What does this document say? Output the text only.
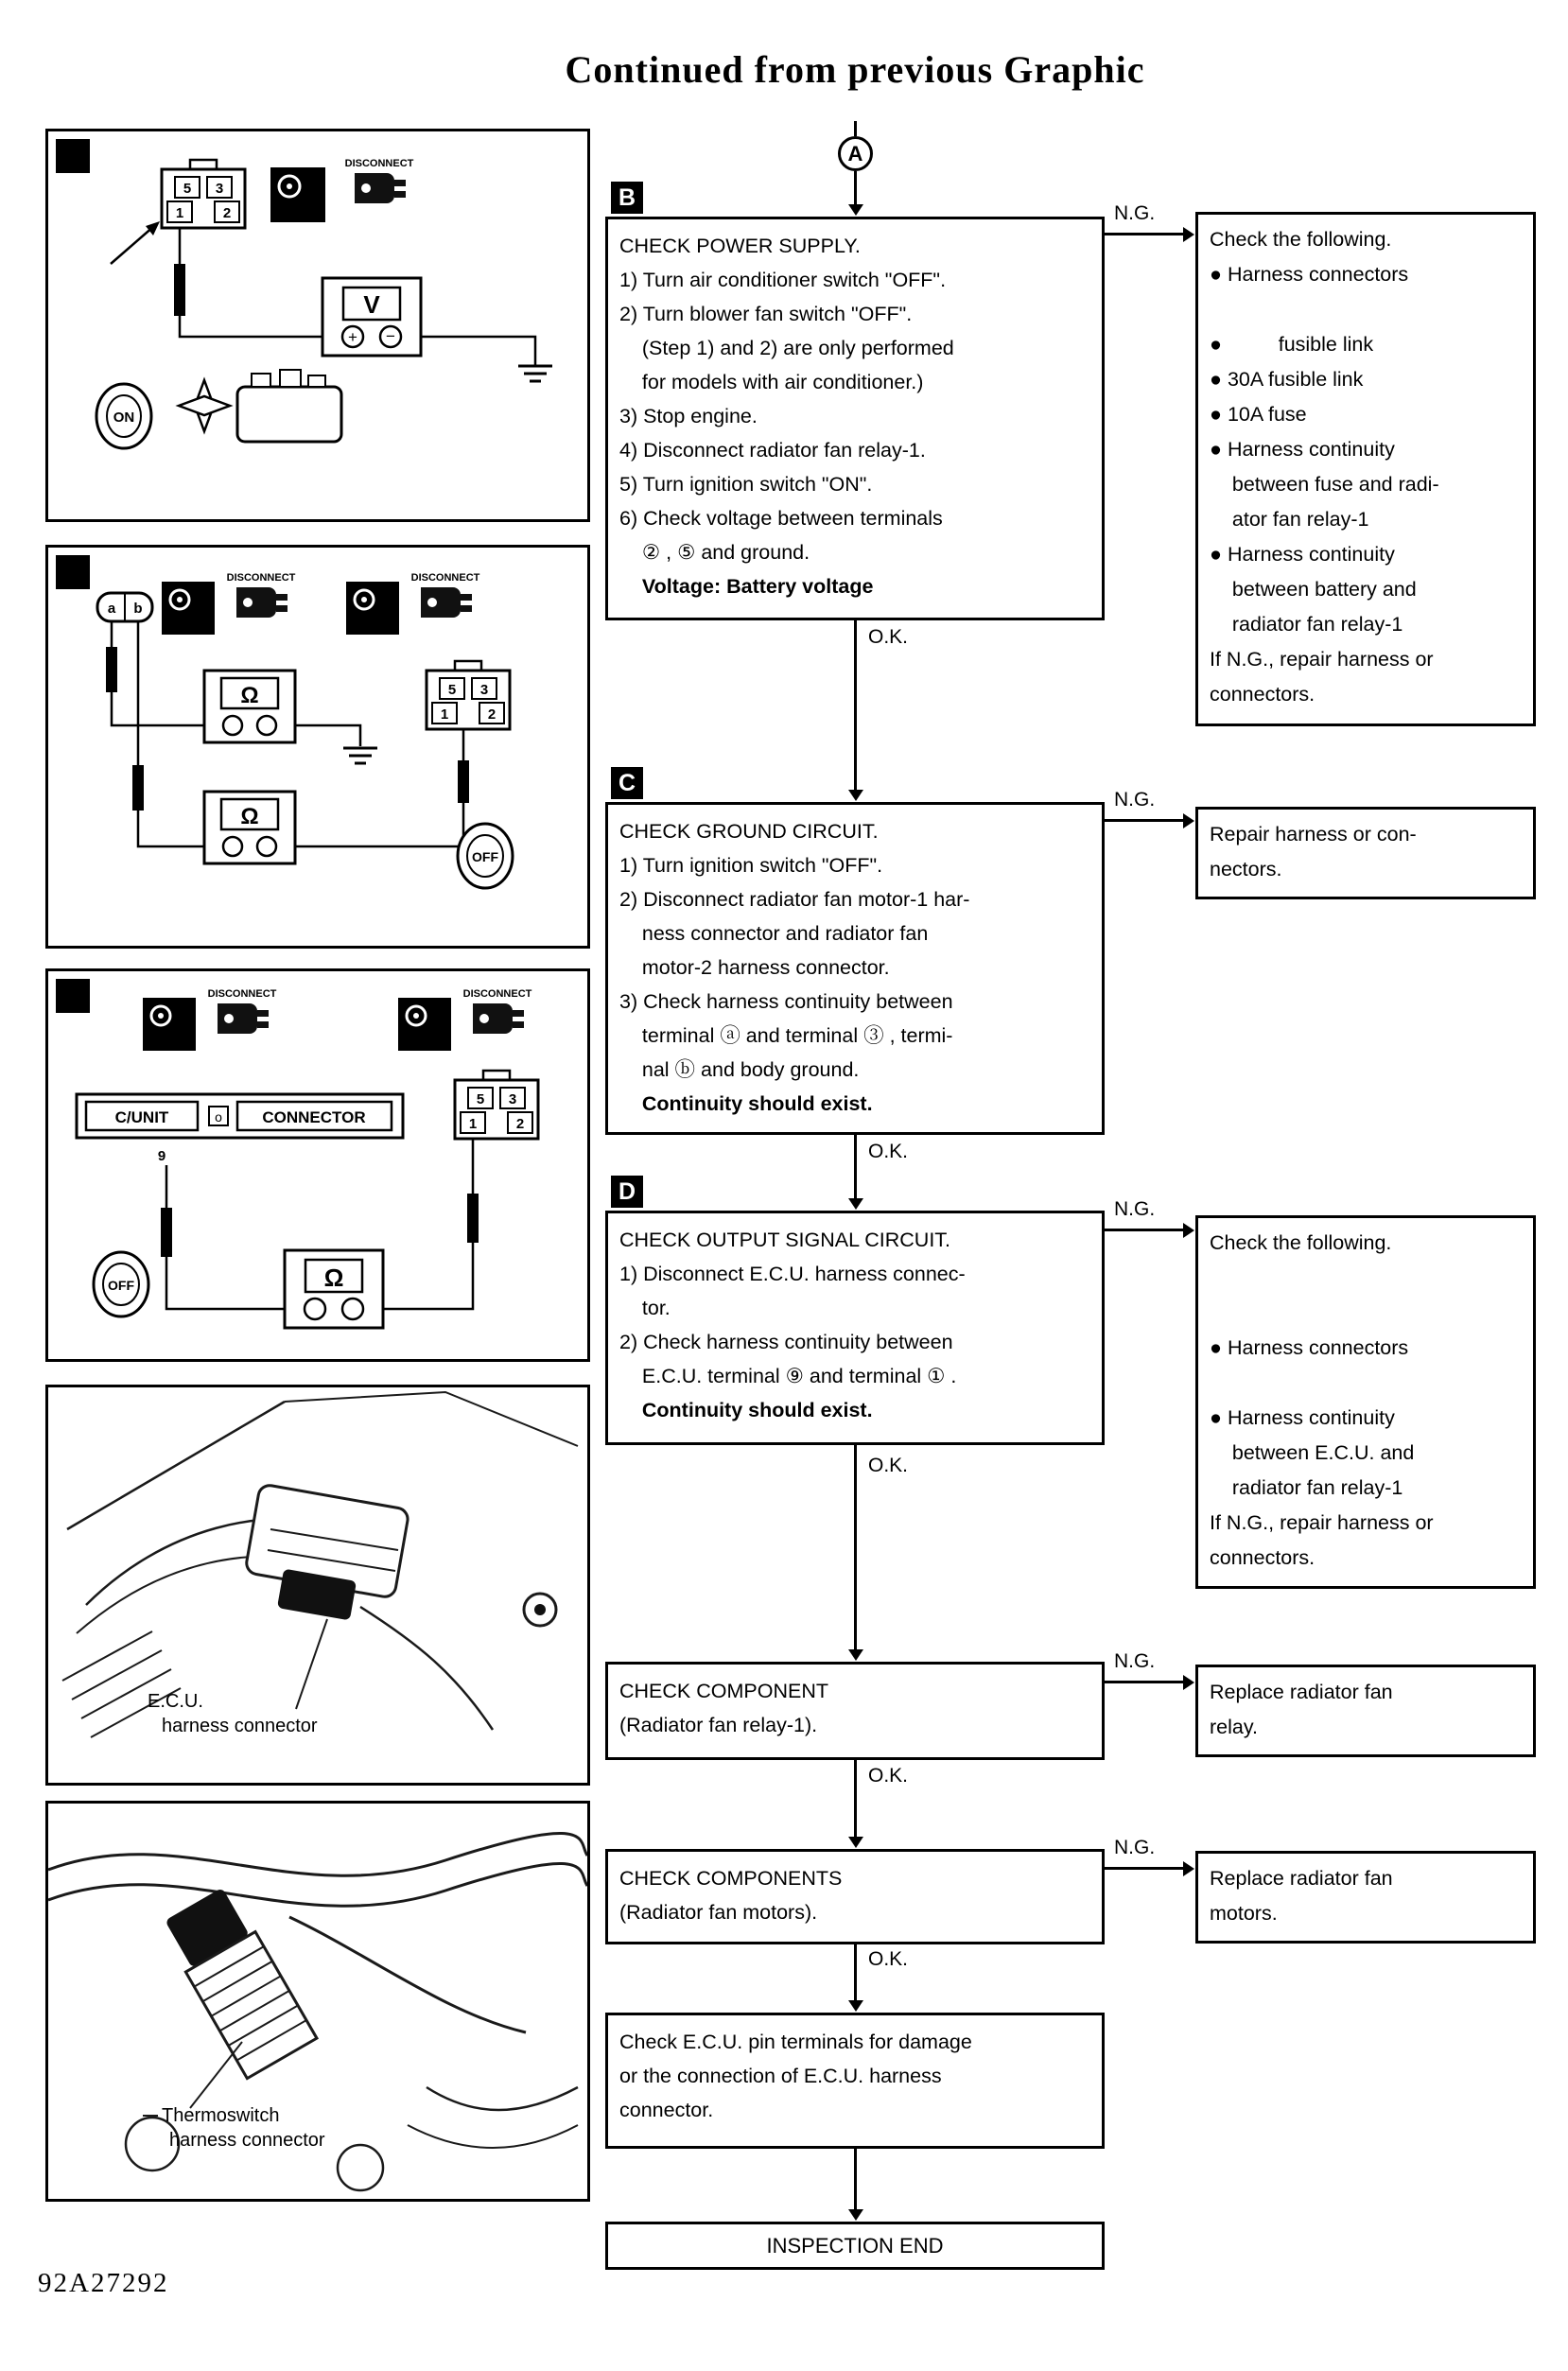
Continued from previous Graphic
B
5 3
1	2	T.S.
DISCONNECT
V
+ −
ON
C
a b
T.S.
DISCONNECT
T.S.
DISCONNECT
Ω
Ω
5 3
1	2
OFF
D
H.S.
DISCONNECT
T.S.
DISCONNECT
C/UNIT	o CONNECTOR
9
5 3
1	2
Ω
OFF
E.C.U.
harness connector
Thermoswitch
harness connector
A
B
CHECK POWER SUPPLY.
1) Turn air conditioner switch "OFF".
2) Turn blower fan switch "OFF".
(Step 1) and 2) are only performed
for models with air conditioner.)
3) Stop engine.
4) Disconnect radiator fan relay-1.
5) Turn ignition switch "ON".
6) Check voltage between terminals
② , ⑤ and ground.
Voltage: Battery voltage
N.G.
Check the following.
● Harness connectors
●          fusible link
● 30A fusible link
● 10A fuse
● Harness continuity
between fuse and radi-
ator fan relay-1
● Harness continuity
between battery and
radiator fan relay-1
If N.G., repair harness or
connectors.
O.K.
C
CHECK GROUND CIRCUIT.
1) Turn ignition switch "OFF".
2) Disconnect radiator fan motor-1 har-
ness connector and radiator fan
motor-2 harness connector.
3) Check harness continuity between
terminal ⓐ and terminal ③ , termi-
nal ⓑ and body ground.
Continuity should exist.
N.G.
Repair harness or con-
nectors.
O.K.
D
CHECK OUTPUT SIGNAL CIRCUIT.
1) Disconnect E.C.U. harness connec-
tor.
2) Check harness continuity between
E.C.U. terminal ⑨ and terminal ① .
Continuity should exist.
N.G.
Check the following.
● Harness connectors
● Harness continuity
between E.C.U. and
radiator fan relay-1
If N.G., repair harness or
connectors.
O.K.
CHECK COMPONENT
(Radiator fan relay-1).
N.G.
Replace radiator fan
relay.
O.K.
CHECK COMPONENTS
(Radiator fan motors).
N.G.
Replace radiator fan
motors.
O.K.
Check E.C.U. pin terminals for damage
or the connection of E.C.U. harness
connector.
INSPECTION END
92A27292
